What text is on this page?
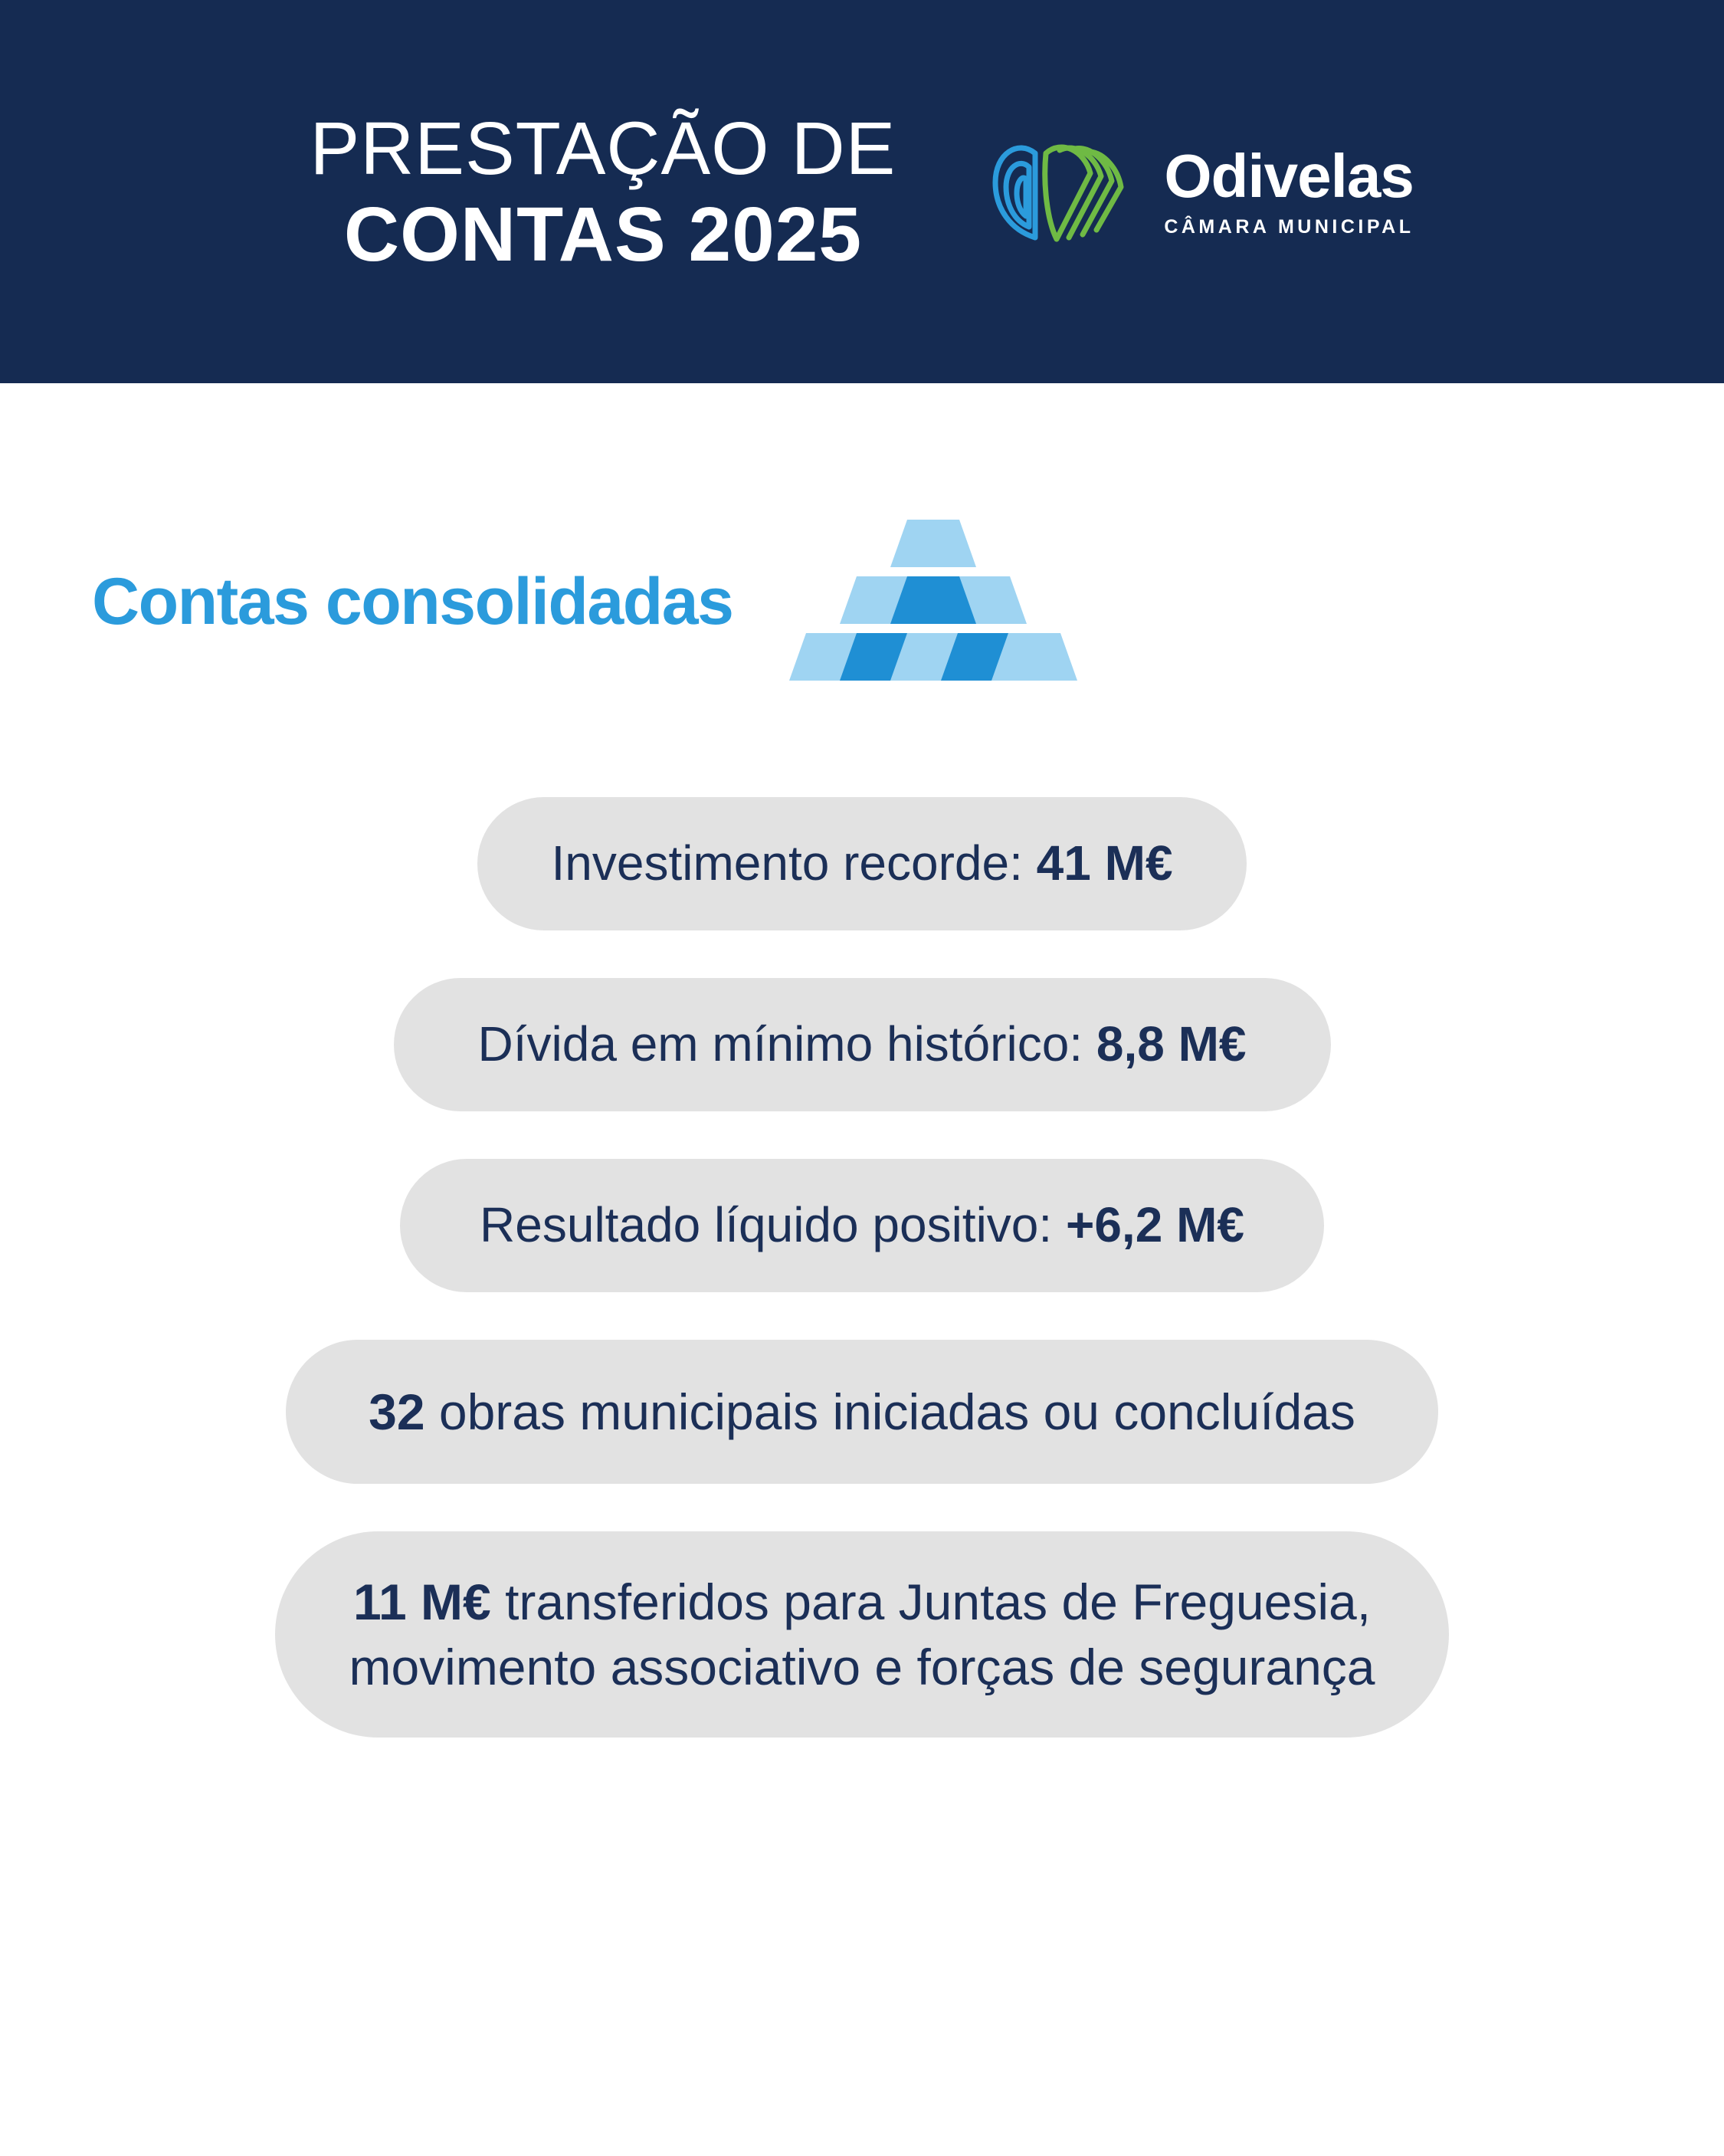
PRESTAÇÃO DE
CONTAS 2025
Odivelas
CÂMARA MUNICIPAL
Contas consolidadas
Investimento recorde:
41 M€
Dívida em mínimo histórico:
8,8 M€
Resultado líquido positivo:
+6,2 M€
32
obras municipais iniciadas ou concluídas
11 M€ transferidos para Juntas de Freguesia,
movimento associativo e forças de segurança
